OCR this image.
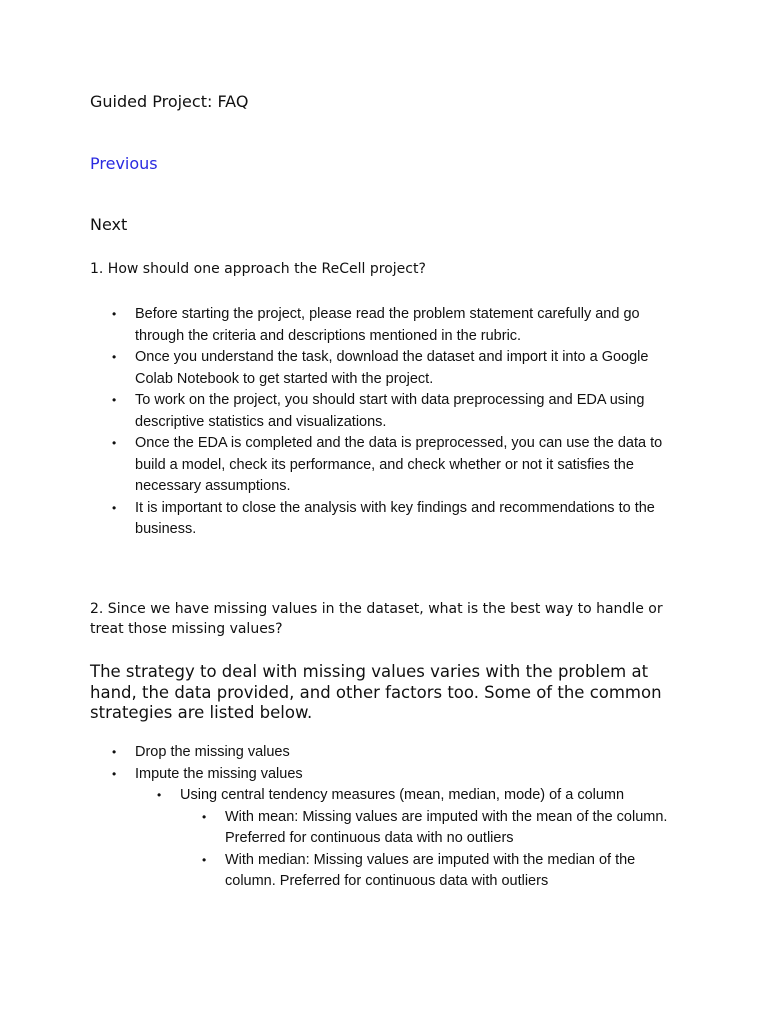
Guided Project: FAQ
Previous
Next
1. How should one approach the ReCell project?
• Before starting the project, please read the problem statement carefully and go through the criteria and descriptions mentioned in the rubric.
• Once you understand the task, download the dataset and import it into a Google Colab Notebook to get started with the project.
• To work on the project, you should start with data preprocessing and EDA using descriptive statistics and visualizations.
• Once the EDA is completed and the data is preprocessed, you can use the data to build a model, check its performance, and check whether or not it satisfies the necessary assumptions.
• It is important to close the analysis with key findings and recommendations to the business.
2. Since we have missing values in the dataset, what is the best way to handle or treat those missing values?
The strategy to deal with missing values varies with the problem at hand, the data provided, and other factors too. Some of the common strategies are listed below.
• Drop the missing values
• Impute the missing values
• Using central tendency measures (mean, median, mode) of a column
• With mean: Missing values are imputed with the mean of the column. Preferred for continuous data with no outliers
• With median: Missing values are imputed with the median of the column. Preferred for continuous data with outliers
